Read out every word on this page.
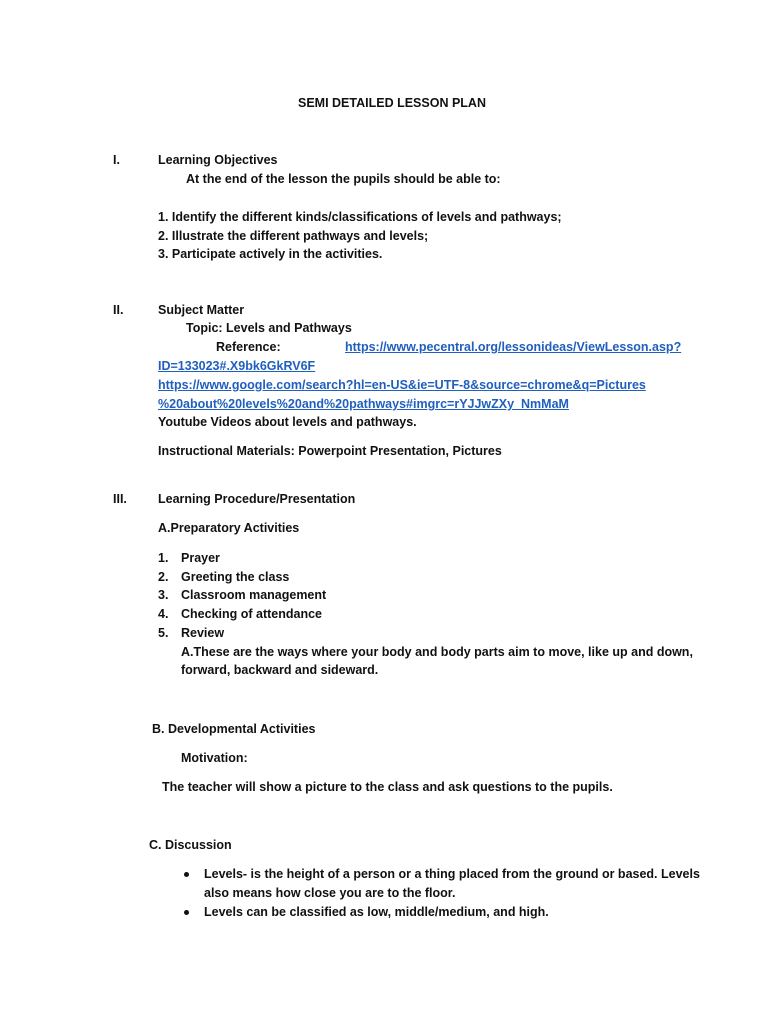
SEMI DETAILED LESSON PLAN
I.	Learning Objectives
At the end of the lesson the pupils should be able to:
1. Identify the different kinds/classifications of levels and pathways;
2. Illustrate the different pathways and levels;
3. Participate actively in the activities.
II.	Subject Matter
Topic: Levels and Pathways
Reference:	https://www.pecentral.org/lessonideas/ViewLesson.asp?
ID=133023#.X9bk6GkRV6F
https://www.google.com/search?hl=en-US&ie=UTF-8&source=chrome&q=Pictures
%20about%20levels%20and%20pathways#imgrc=rYJJwZXy_NmMaM
Youtube Videos about levels and pathways.
Instructional Materials: Powerpoint Presentation, Pictures
III. Learning Procedure/Presentation
A.Preparatory Activities
1. Prayer
2. Greeting the class
3. Classroom management
4. Checking of attendance
5. Review
A.These are the ways where your body and body parts aim to move, like up and down,
forward, backward and sideward.
B. Developmental Activities
Motivation:
The teacher will show a picture to the class and ask questions to the pupils.
C. Discussion
Levels- is the height of a person or a thing placed from the ground or based. Levels
also means how close you are to the floor.
Levels can be classified as low, middle/medium, and high.
